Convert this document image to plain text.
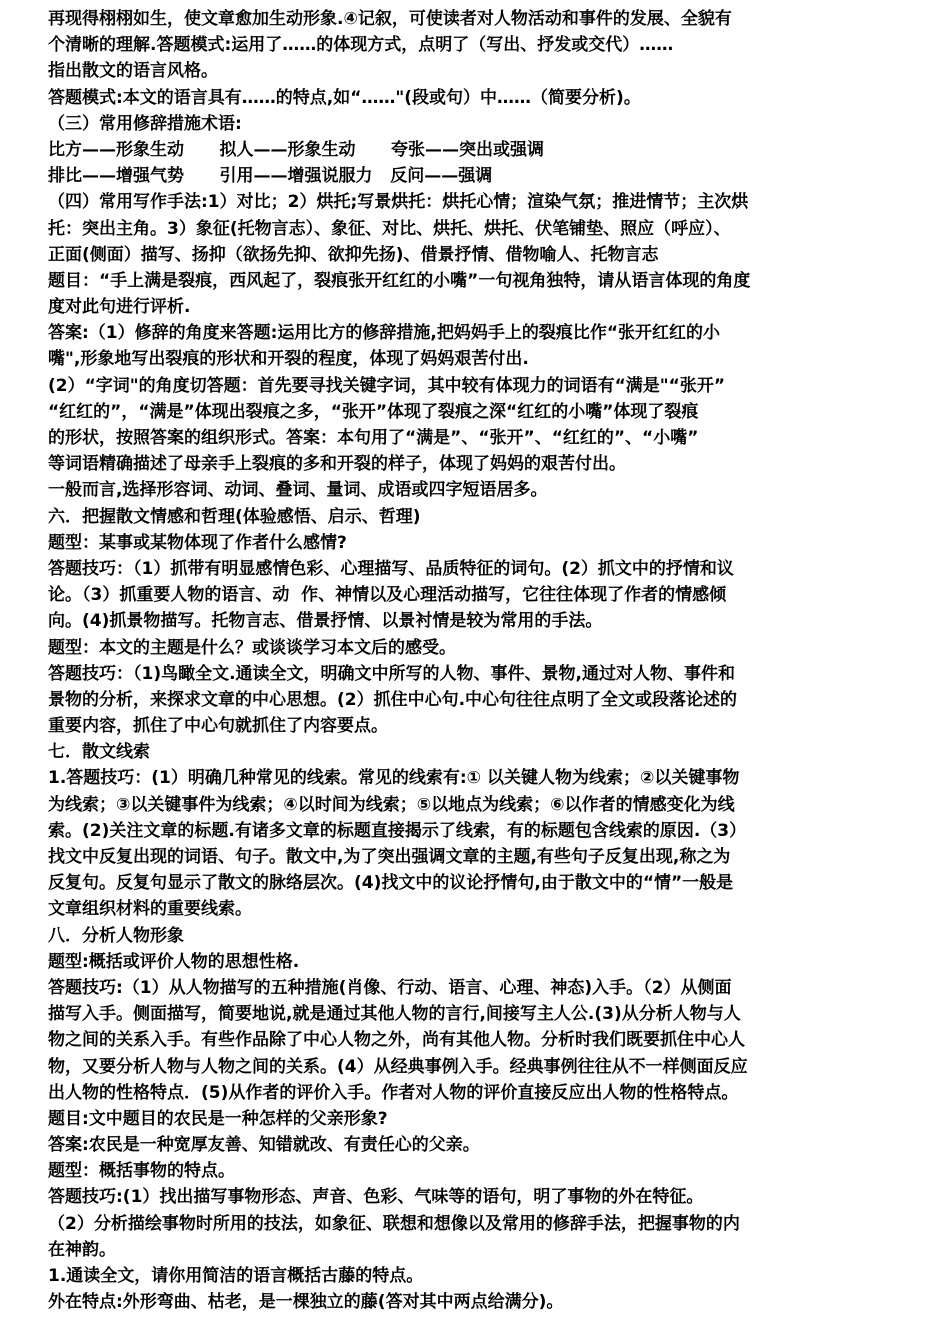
再现得栩栩如生，使文章愈加生动形象.④记叙，可使读者对人物活动和事件的发展、全貌有
个清晰的理解.答题模式:运用了……的体现方式，点明了（写出、抒发或交代）……
指出散文的语言风格。
答题模式:本文的语言具有……的特点,如“……"(段或句）中……（简要分析)。
（三）常用修辞措施术语:
比方——形象生动      拟人——形象生动      夸张——突出或强调
排比——增强气势      引用——增强说服力   反问——强调
（四）常用写作手法:1）对比；2）烘托;写景烘托：烘托心情；渲染气氛；推进情节；主次烘
托：突出主角。3）象征(托物言志）、象征、对比、烘托、烘托、伏笔铺垫、照应（呼应）、
正面(侧面）描写、扬抑（欲扬先抑、欲抑先扬)、借景抒情、借物喻人、托物言志
题目：“手上满是裂痕，西风起了，裂痕张开红红的小嘴”一句视角独特，请从语言体现的角度
度对此句进行评析.
答案:（1）修辞的角度来答题:运用比方的修辞措施,把妈妈手上的裂痕比作“张开红红的小
嘴",形象地写出裂痕的形状和开裂的程度，体现了妈妈艰苦付出.
(2）“字词"的角度切答题：首先要寻找关键字词，其中较有体现力的词语有“满是"“张开”
“红红的”，“满是”体现出裂痕之多，“张开”体现了裂痕之深“红红的小嘴”体现了裂痕
的形状，按照答案的组织形式。答案：本句用了“满是”、“张开”、“红红的”、“小嘴”
等词语精确描述了母亲手上裂痕的多和开裂的样子，体现了妈妈的艰苦付出。
一般而言,选择形容词、动词、叠词、量词、成语或四字短语居多。
六．把握散文情感和哲理(体验感悟、启示、哲理)
题型：某事或某物体现了作者什么感情?
答题技巧：（1）抓带有明显感情色彩、心理描写、品质特征的词句。(2）抓文中的抒情和议
论。（3）抓重要人物的语言、动  作、神情以及心理活动描写，它往往体现了作者的情感倾
向。(4)抓景物描写。托物言志、借景抒情、以景衬情是较为常用的手法。
题型：本文的主题是什么？或谈谈学习本文后的感受。
答题技巧：（1)鸟瞰全文.通读全文，明确文中所写的人物、事件、景物,通过对人物、事件和
景物的分析，来探求文章的中心思想。(2）抓住中心句.中心句往往点明了全文或段落论述的
重要内容，抓住了中心句就抓住了内容要点。
七．散文线索
1.答题技巧：(1）明确几种常见的线索。常见的线索有:① 以关键人物为线索；②以关键事物
为线索；③以关键事件为线索；④以时间为线索；⑤以地点为线索；⑥以作者的情感变化为线
索。(2)关注文章的标题.有诸多文章的标题直接揭示了线索，有的标题包含线索的原因.（3）
找文中反复出现的词语、句子。散文中,为了突出强调文章的主题,有些句子反复出现,称之为
反复句。反复句显示了散文的脉络层次。(4)找文中的议论抒情句,由于散文中的“情”一般是
文章组织材料的重要线索。
八．分析人物形象
题型:概括或评价人物的思想性格.
答题技巧:（1）从人物描写的五种措施(肖像、行动、语言、心理、神态)入手。（2）从侧面
描写入手。侧面描写，简要地说,就是通过其他人物的言行,间接写主人公.(3)从分析人物与人
物之间的关系入手。有些作品除了中心人物之外，尚有其他人物。分析时我们既要抓住中心人
物，又要分析人物与人物之间的关系。(4）从经典事例入手。经典事例往往从不一样侧面反应
出人物的性格特点．(5)从作者的评价入手。作者对人物的评价直接反应出人物的性格特点。
题目:文中题目的农民是一种怎样的父亲形象?
答案:农民是一种宽厚友善、知错就改、有责任心的父亲。
题型：概括事物的特点。
答题技巧:(1）找出描写事物形态、声音、色彩、气味等的语句，明了事物的外在特征。
（2）分析描绘事物时所用的技法，如象征、联想和想像以及常用的修辞手法，把握事物的内
在神韵。
1.通读全文，请你用简洁的语言概括古藤的特点。
外在特点:外形弯曲、枯老，是一棵独立的藤(答对其中两点给满分)。
